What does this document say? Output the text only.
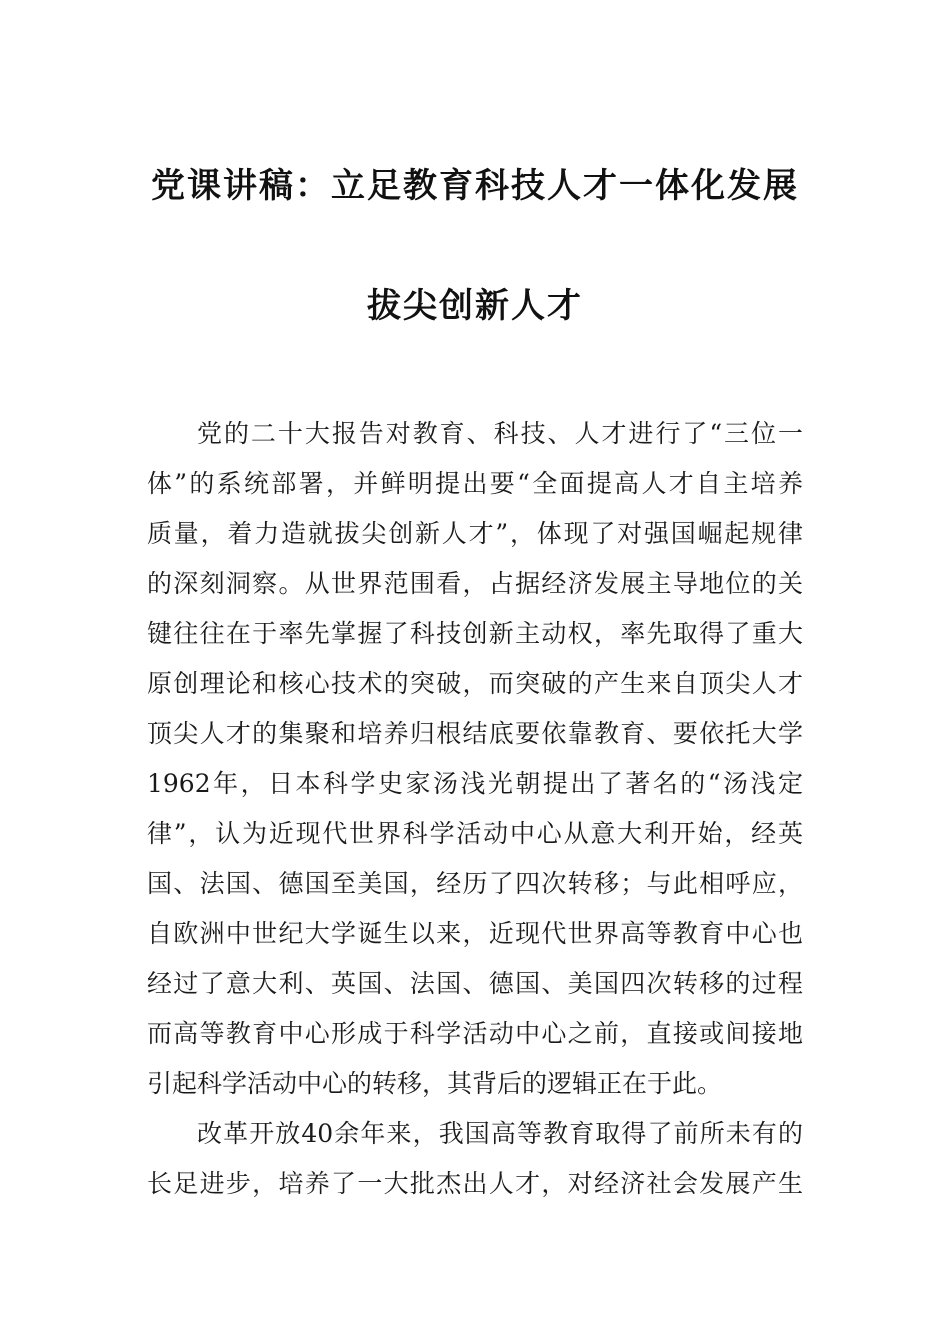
党课讲稿：立足教育科技人才一体化发展
拔尖创新人才
党的二十大报告对教育、科技、人才进行了“三位一
体”的系统部署，并鲜明提出要“全面提高人才自主培养
质量，着力造就拔尖创新人才”，体现了对强国崛起规律
的深刻洞察。从世界范围看，占据经济发展主导地位的关
键往往在于率先掌握了科技创新主动权，率先取得了重大
原创理论和核心技术的突破，而突破的产生来自顶尖人才
顶尖人才的集聚和培养归根结底要依靠教育、要依托大学
1962年，日本科学史家汤浅光朝提出了著名的“汤浅定
律”，认为近现代世界科学活动中心从意大利开始，经英
国、法国、德国至美国，经历了四次转移；与此相呼应，
自欧洲中世纪大学诞生以来，近现代世界高等教育中心也
经过了意大利、英国、法国、德国、美国四次转移的过程
而高等教育中心形成于科学活动中心之前，直接或间接地
引起科学活动中心的转移，其背后的逻辑正在于此。
改革开放40余年来，我国高等教育取得了前所未有的
长足进步，培养了一大批杰出人才，对经济社会发展产生
